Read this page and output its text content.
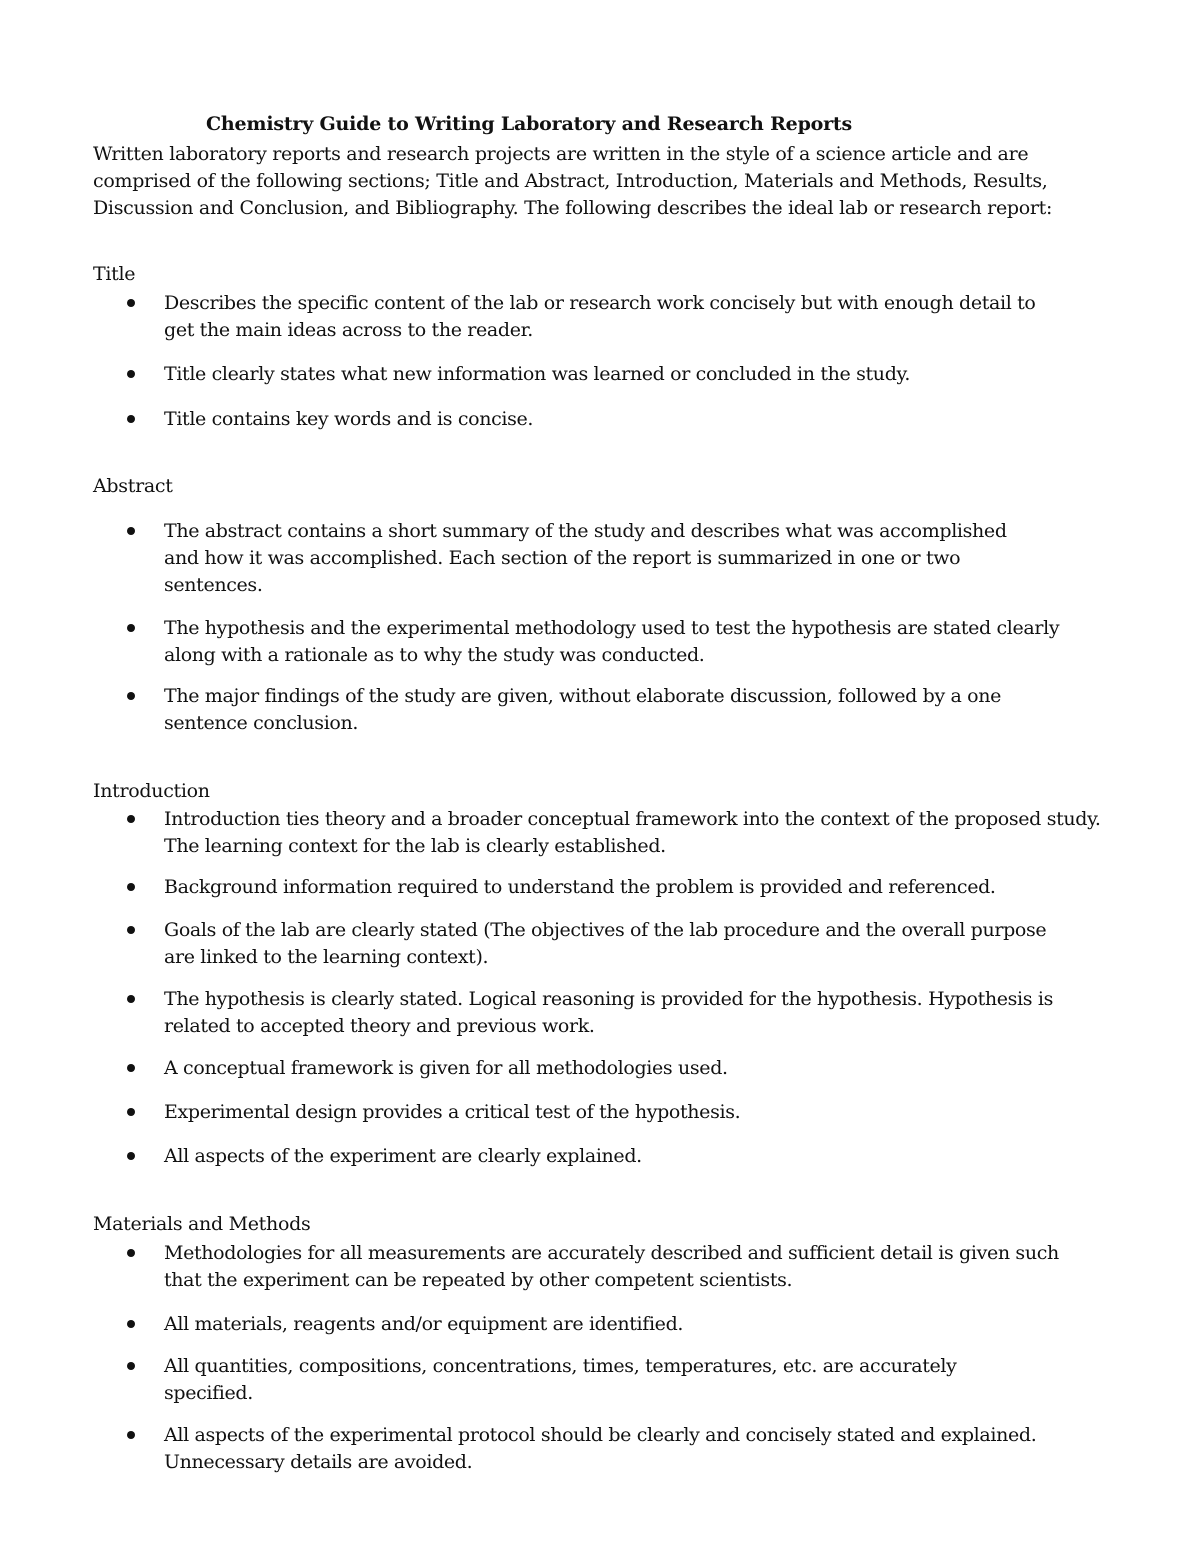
Chemistry Guide to Writing Laboratory and Research Reports
Written laboratory reports and research projects are written in the style of a science article and are
comprised of the following sections; Title and Abstract, Introduction, Materials and Methods, Results,
Discussion and Conclusion, and Bibliography. The following describes the ideal lab or research report:
Title
Describes the specific content of the lab or research work concisely but with enough detail to
get the main ideas across to the reader.
Title clearly states what new information was learned or concluded in the study.
Title contains key words and is concise.
Abstract
The abstract contains a short summary of the study and describes what was accomplished
and how it was accomplished. Each section of the report is summarized in one or two
sentences.
The hypothesis and the experimental methodology used to test the hypothesis are stated clearly
along with a rationale as to why the study was conducted.
The major findings of the study are given, without elaborate discussion, followed by a one
sentence conclusion.
Introduction
Introduction ties theory and a broader conceptual framework into the context of the proposed study.
The learning context for the lab is clearly established.
Background information required to understand the problem is provided and referenced.
Goals of the lab are clearly stated (The objectives of the lab procedure and the overall purpose
are linked to the learning context).
The hypothesis is clearly stated. Logical reasoning is provided for the hypothesis. Hypothesis is
related to accepted theory and previous work.
A conceptual framework is given for all methodologies used.
Experimental design provides a critical test of the hypothesis.
All aspects of the experiment are clearly explained.
Materials and Methods
Methodologies for all measurements are accurately described and sufficient detail is given such
that the experiment can be repeated by other competent scientists.
All materials, reagents and/or equipment are identified.
All quantities, compositions, concentrations, times, temperatures, etc. are accurately
specified.
All aspects of the experimental protocol should be clearly and concisely stated and explained.
Unnecessary details are avoided.
